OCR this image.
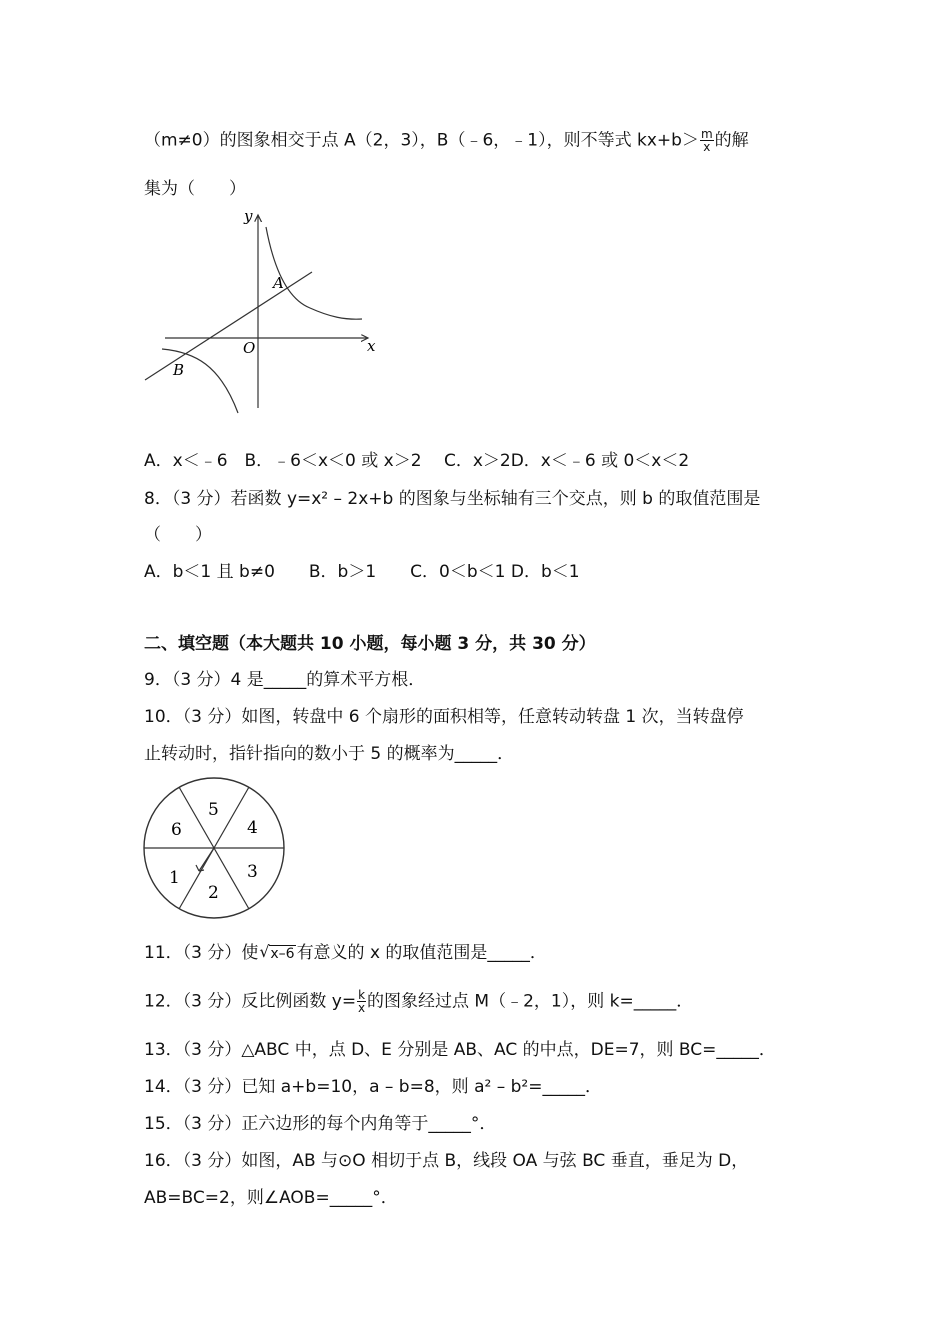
（m≠0）的图象相交于点 A（2，3），B（﹣6，﹣1），则不等式 $kx+b> \frac{m}{x}$ 的解
集为（　　）
y
x
O
A
B
A．x＜﹣6　B．﹣6＜x＜0 或 x＞2　 C．x＞2D．x＜﹣6 或 0＜x＜2
8．（3 分）若函数 y=x² – 2x+b 的图象与坐标轴有三个交点，则 b 的取值范围是
（　　）
A．b＜1 且 b≠0　　B．b＞1　　C．0＜b＜1 D．b＜1
二、填空题（本大题共 10 小题，每小题 3 分，共 30 分）
9．（3 分）4 是_____的算术平方根．
10．（3 分）如图，转盘中 6 个扇形的面积相等，任意转动转盘 1 次，当转盘停
止转动时，指针指向的数小于 5 的概率为_____．
5
4
3
2
1
6
11．（3 分）使 √ x–6 有意义的 x 的取值范围是_____．
12．（3 分）反比例函数 $y= \frac{k}{x}$ 的图象经过点 M（﹣2，1），则 k=_____．
13．（3 分）△ABC 中，点 D、E 分别是 AB、AC 的中点，DE=7，则 BC=_____．
14．（3 分）已知 a+b=10，a – b=8，则 a² – b²=_____．
15．（3 分）正六边形的每个内角等于_____°．
16．（3 分）如图，AB 与⊙O 相切于点 B，线段 OA 与弦 BC 垂直，垂足为 D，
AB=BC=2，则∠AOB=_____°．
